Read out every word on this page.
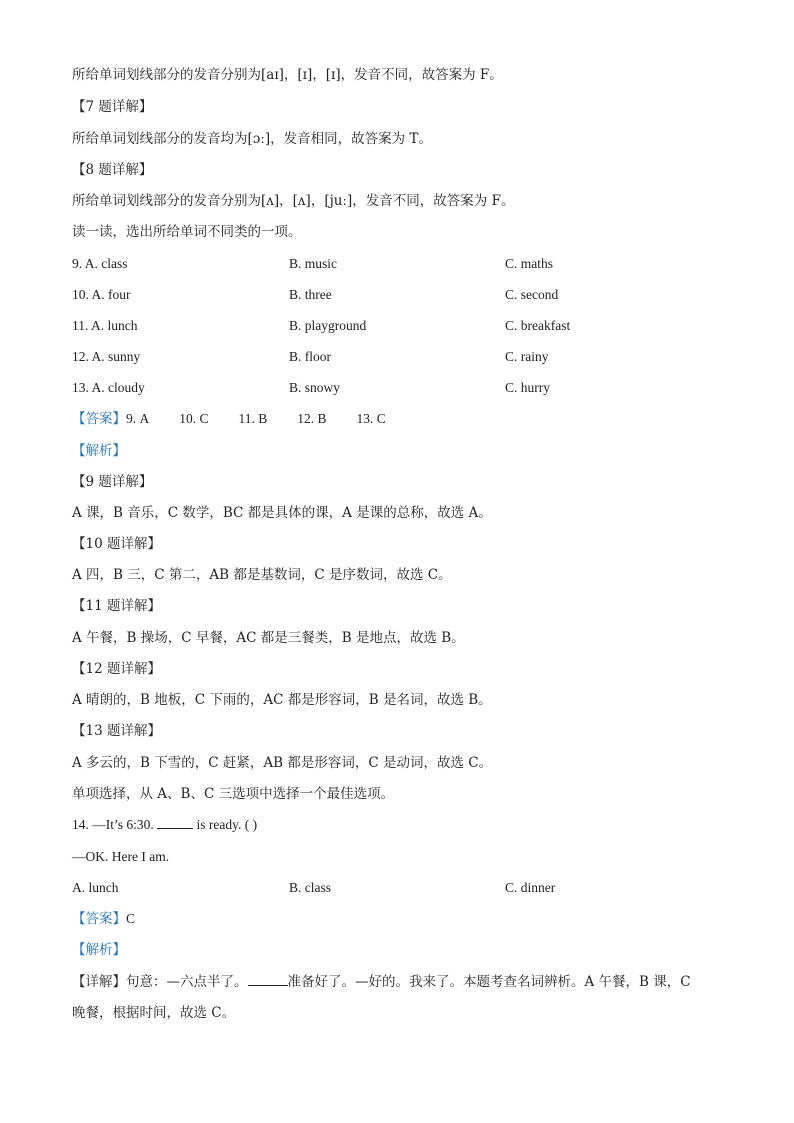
所给单词划线部分的发音分别为[aɪ]，[ɪ]，[ɪ]，发音不同，故答案为 F。
【7 题详解】
所给单词划线部分的发音均为[ɔː]，发音相同，故答案为 T。
【8 题详解】
所给单词划线部分的发音分别为[ʌ]，[ʌ]，[juː]，发音不同，故答案为 F。
读一读，选出所给单词不同类的一项。
9. A. class	B. music	C. maths
10. A. four	B. three	C. second
11. A. lunch	B. playground	C. breakfast
12. A. sunny	B. floor	C. rainy
13. A. cloudy	B. snowy	C. hurry
【答案】9. A 10. C 11. B 12. B 13. C
【解析】
【9 题详解】
A 课，B 音乐，C 数学，BC 都是具体的课，A 是课的总称，故选 A。
【10 题详解】
A 四，B 三，C 第二，AB 都是基数词，C 是序数词，故选 C。
【11 题详解】
A 午餐，B 操场，C 早餐，AC 都是三餐类，B 是地点，故选 B。
【12 题详解】
A 晴朗的，B 地板，C 下雨的，AC 都是形容词，B 是名词，故选 B。
【13 题详解】
A 多云的，B 下雪的，C 赶紧，AB 都是形容词，C 是动词，故选 C。
单项选择，从 A、B、C 三选项中选择一个最佳选项。
14. —It’s 6:30.	is ready. ( )
—OK. Here I am.
A. lunch	B. class	C. dinner
【答案】C
【解析】
【详解】句意：—六点半了。	准备好了。—好的。我来了。本题考查名词辨析。A 午餐，B 课，C
晚餐，根据时间，故选 C。
